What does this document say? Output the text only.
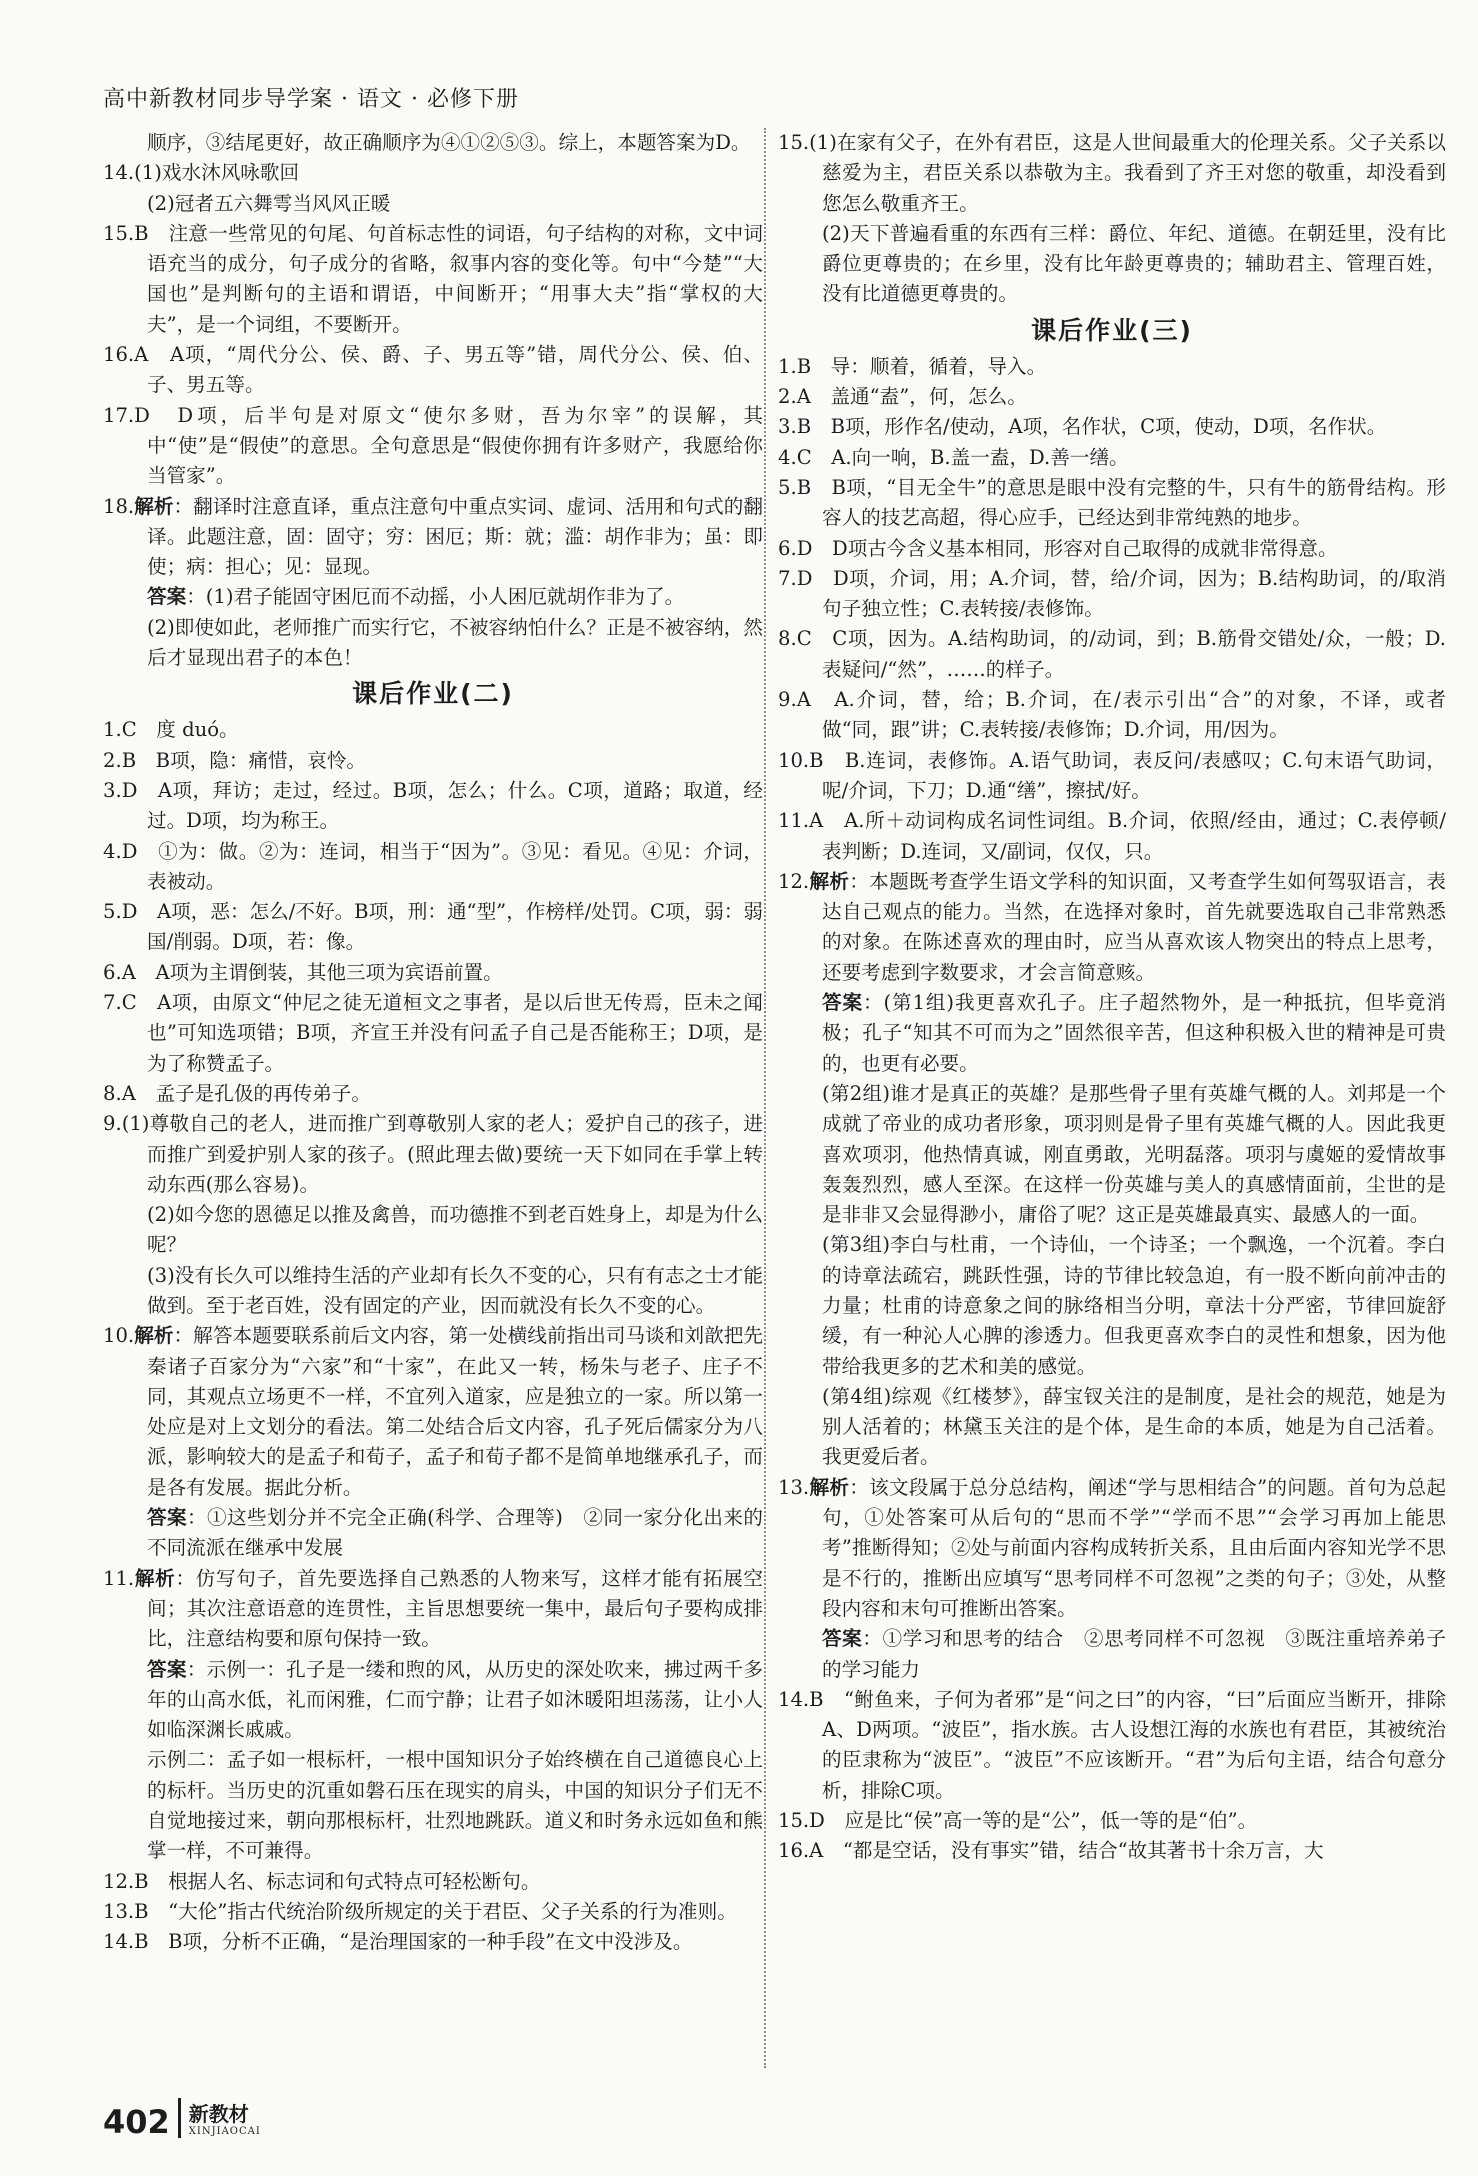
高中新教材同步导学案 · 语文 · 必修下册

顺序，③结尾更好，故正确顺序为④①②⑤③。综上，本题答案为D。

14.(1)戏水沐风咏歌回

(2)冠者五六舞雩当风风正暖

15.B　注意一些常见的句尾、句首标志性的词语，句子结构的对称，文中词语充当的成分，句子成分的省略，叙事内容的变化等。句中“今楚”“大国也”是判断句的主语和谓语，中间断开；“用事大夫”指“掌权的大夫”，是一个词组，不要断开。

16.A　A项，“周代分公、侯、爵、子、男五等”错，周代分公、侯、伯、子、男五等。

17.D　D项，后半句是对原文“使尔多财，吾为尔宰”的误解，其中“使”是“假使”的意思。全句意思是“假使你拥有许多财产，我愿给你当管家”。

18.解析：翻译时注意直译，重点注意句中重点实词、虚词、活用和句式的翻译。此题注意，固：固守；穷：困厄；斯：就；滥：胡作非为；虽：即使；病：担心；见：显现。

答案：(1)君子能固守困厄而不动摇，小人困厄就胡作非为了。

(2)即使如此，老师推广而实行它，不被容纳怕什么？正是不被容纳，然后才显现出君子的本色！

课后作业(二)

1.C　度 duó。

2.B　B项，隐：痛惜，哀怜。

3.D　A项，拜访；走过，经过。B项，怎么；什么。C项，道路；取道，经过。D项，均为称王。

4.D　①为：做。②为：连词，相当于“因为”。③见：看见。④见：介词，表被动。

5.D　A项，恶：怎么/不好。B项，刑：通“型”，作榜样/处罚。C项，弱：弱国/削弱。D项，若：像。

6.A　A项为主谓倒装，其他三项为宾语前置。

7.C　A项，由原文“仲尼之徒无道桓文之事者，是以后世无传焉，臣未之闻也”可知选项错；B项，齐宣王并没有问孟子自己是否能称王；D项，是为了称赞孟子。

8.A　孟子是孔伋的再传弟子。

9.(1)尊敬自己的老人，进而推广到尊敬别人家的老人；爱护自己的孩子，进而推广到爱护别人家的孩子。(照此理去做)要统一天下如同在手掌上转动东西(那么容易)。

(2)如今您的恩德足以推及禽兽，而功德推不到老百姓身上，却是为什么呢？

(3)没有长久可以维持生活的产业却有长久不变的心，只有有志之士才能做到。至于老百姓，没有固定的产业，因而就没有长久不变的心。

10.解析：解答本题要联系前后文内容，第一处横线前指出司马谈和刘歆把先秦诸子百家分为“六家”和“十家”，在此又一转，杨朱与老子、庄子不同，其观点立场更不一样，不宜列入道家，应是独立的一家。所以第一处应是对上文划分的看法。第二处结合后文内容，孔子死后儒家分为八派，影响较大的是孟子和荀子，孟子和荀子都不是简单地继承孔子，而是各有发展。据此分析。

答案：①这些划分并不完全正确(科学、合理等)　②同一家分化出来的不同流派在继承中发展

11.解析：仿写句子，首先要选择自己熟悉的人物来写，这样才能有拓展空间；其次注意语意的连贯性，主旨思想要统一集中，最后句子要构成排比，注意结构要和原句保持一致。

答案：示例一：孔子是一缕和煦的风，从历史的深处吹来，拂过两千多年的山高水低，礼而闲雅，仁而宁静；让君子如沐暖阳坦荡荡，让小人如临深渊长戚戚。

示例二：孟子如一根标杆，一根中国知识分子始终横在自己道德良心上的标杆。当历史的沉重如磐石压在现实的肩头，中国的知识分子们无不自觉地接过来，朝向那根标杆，壮烈地跳跃。道义和时务永远如鱼和熊掌一样，不可兼得。

12.B　根据人名、标志词和句式特点可轻松断句。

13.B　“大伦”指古代统治阶级所规定的关于君臣、父子关系的行为准则。

14.B　B项，分析不正确，“是治理国家的一种手段”在文中没涉及。

15.(1)在家有父子，在外有君臣，这是人世间最重大的伦理关系。父子关系以慈爱为主，君臣关系以恭敬为主。我看到了齐王对您的敬重，却没看到您怎么敬重齐王。

(2)天下普遍看重的东西有三样：爵位、年纪、道德。在朝廷里，没有比爵位更尊贵的；在乡里，没有比年龄更尊贵的；辅助君主、管理百姓，没有比道德更尊贵的。

课后作业(三)

1.B　导：顺着，循着，导入。

2.A　盖通“盍”，何，怎么。

3.B　B项，形作名/使动，A项，名作状，C项，使动，D项，名作状。

4.C　A.向一响，B.盖一盍，D.善一缮。

5.B　B项，“目无全牛”的意思是眼中没有完整的牛，只有牛的筋骨结构。形容人的技艺高超，得心应手，已经达到非常纯熟的地步。

6.D　D项古今含义基本相同，形容对自己取得的成就非常得意。

7.D　D项，介词，用；A.介词，替，给/介词，因为；B.结构助词，的/取消句子独立性；C.表转接/表修饰。

8.C　C项，因为。A.结构助词，的/动词，到；B.筋骨交错处/众，一般；D.表疑问/“然”，……的样子。

9.A　A.介词，替，给；B.介词，在/表示引出“合”的对象，不译，或者做“同，跟”讲；C.表转接/表修饰；D.介词，用/因为。

10.B　B.连词，表修饰。A.语气助词，表反问/表感叹；C.句末语气助词，呢/介词，下刀；D.通“缮”，擦拭/好。

11.A　A.所＋动词构成名词性词组。B.介词，依照/经由，通过；C.表停顿/表判断；D.连词，又/副词，仅仅，只。

12.解析：本题既考查学生语文学科的知识面，又考查学生如何驾驭语言，表达自己观点的能力。当然，在选择对象时，首先就要选取自己非常熟悉的对象。在陈述喜欢的理由时，应当从喜欢该人物突出的特点上思考，还要考虑到字数要求，才会言简意赅。

答案：(第1组)我更喜欢孔子。庄子超然物外，是一种抵抗，但毕竟消极；孔子“知其不可而为之”固然很辛苦，但这种积极入世的精神是可贵的，也更有必要。

(第2组)谁才是真正的英雄？是那些骨子里有英雄气概的人。刘邦是一个成就了帝业的成功者形象，项羽则是骨子里有英雄气概的人。因此我更喜欢项羽，他热情真诚，刚直勇敢，光明磊落。项羽与虞姬的爱情故事轰轰烈烈，感人至深。在这样一份英雄与美人的真感情面前，尘世的是是非非又会显得渺小，庸俗了呢？这正是英雄最真实、最感人的一面。

(第3组)李白与杜甫，一个诗仙，一个诗圣；一个飘逸，一个沉着。李白的诗章法疏宕，跳跃性强，诗的节律比较急迫，有一股不断向前冲击的力量；杜甫的诗意象之间的脉络相当分明，章法十分严密，节律回旋舒缓，有一种沁人心脾的渗透力。但我更喜欢李白的灵性和想象，因为他带给我更多的艺术和美的感觉。

(第4组)综观《红楼梦》，薛宝钗关注的是制度，是社会的规范，她是为别人活着的；林黛玉关注的是个体，是生命的本质，她是为自己活着。我更爱后者。

13.解析：该文段属于总分总结构，阐述“学与思相结合”的问题。首句为总起句，①处答案可从后句的“思而不学”“学而不思”“会学习再加上能思考”推断得知；②处与前面内容构成转折关系，且由后面内容知光学不思是不行的，推断出应填写“思考同样不可忽视”之类的句子；③处，从整段内容和末句可推断出答案。

答案：①学习和思考的结合　②思考同样不可忽视　③既注重培养弟子的学习能力

14.B　“鲋鱼来，子何为者邪”是“问之曰”的内容，“曰”后面应当断开，排除A、D两项。“波臣”，指水族。古人设想江海的水族也有君臣，其被统治的臣隶称为“波臣”。“波臣”不应该断开。“君”为后句主语，结合句意分析，排除C项。

15.D　应是比“侯”高一等的是“公”，低一等的是“伯”。

16.A　“都是空话，没有事实”错，结合“故其著书十余万言，大

402 新教材
XINJIAOCAI
